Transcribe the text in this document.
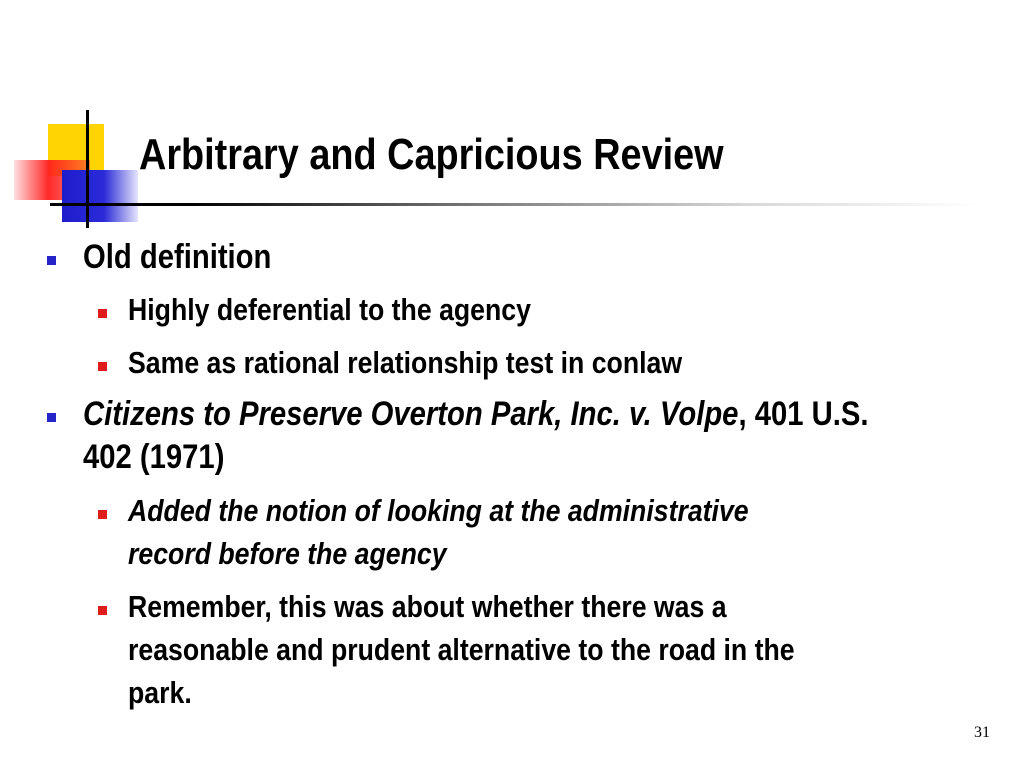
Arbitrary and Capricious Review
Old definition
Highly deferential to the agency
Same as rational relationship test in conlaw
Citizens to Preserve Overton Park, Inc. v. Volpe, 401 U.S.
402 (1971)
Added the notion of looking at the administrative
record before the agency
Remember, this was about whether there was a
reasonable and prudent alternative to the road in the
park.
31
